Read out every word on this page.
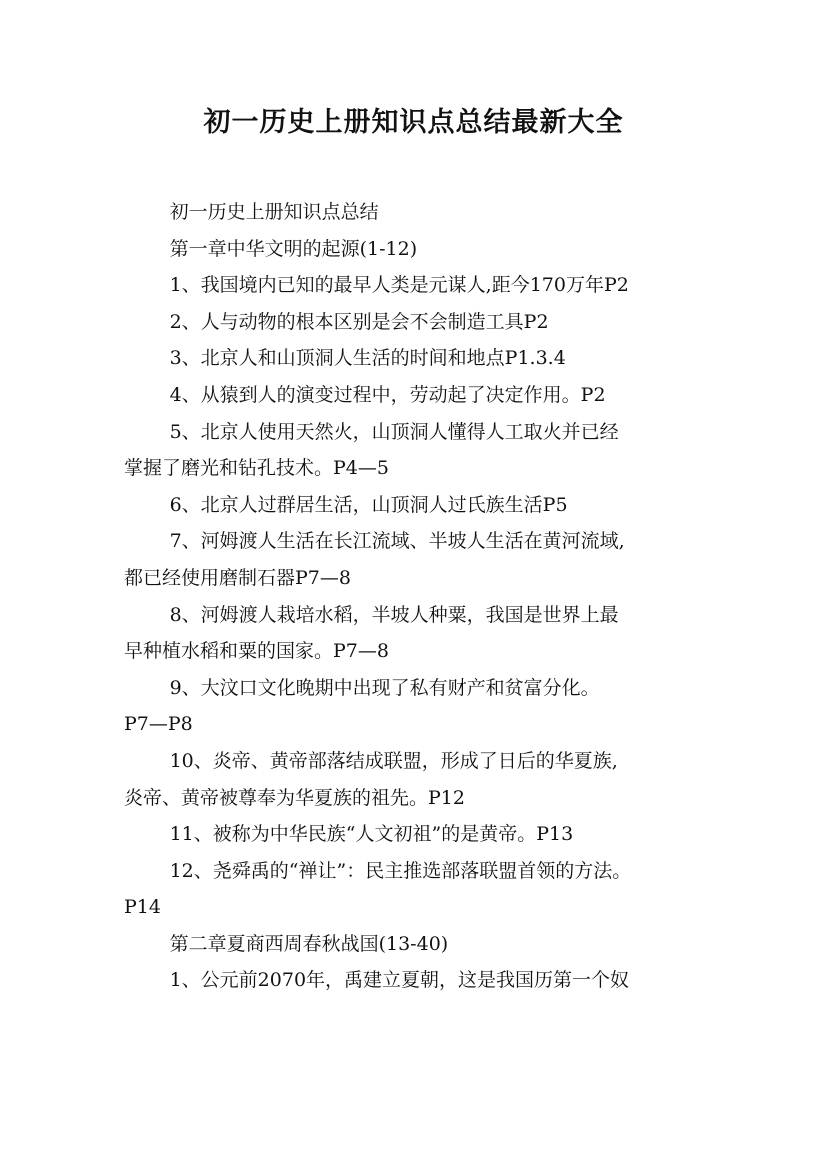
初一历史上册知识点总结最新大全

初一历史上册知识点总结

第一章中华文明的起源(1-12)

1、我国境内已知的最早人类是元谋人,距今170万年P2

2、人与动物的根本区别是会不会制造工具P2

3、北京人和山顶洞人生活的时间和地点P1.3.4

4、从猿到人的演变过程中，劳动起了决定作用。P2

5、北京人使用天然火，山顶洞人懂得人工取火并已经

掌握了磨光和钻孔技术。P4—5

6、北京人过群居生活，山顶洞人过氏族生活P5

7、河姆渡人生活在长江流域、半坡人生活在黄河流域,

都已经使用磨制石器P7—8

8、河姆渡人栽培水稻，半坡人种粟，我国是世界上最

早种植水稻和粟的国家。P7—8

9、大汶口文化晚期中出现了私有财产和贫富分化。

P7—P8

10、炎帝、黄帝部落结成联盟，形成了日后的华夏族,

炎帝、黄帝被尊奉为华夏族的祖先。P12

11、被称为中华民族“人文初祖”的是黄帝。P13

12、尧舜禹的“禅让”：民主推选部落联盟首领的方法。

P14

第二章夏商西周春秋战国(13-40)

1、公元前2070年，禹建立夏朝，这是我国历第一个奴
